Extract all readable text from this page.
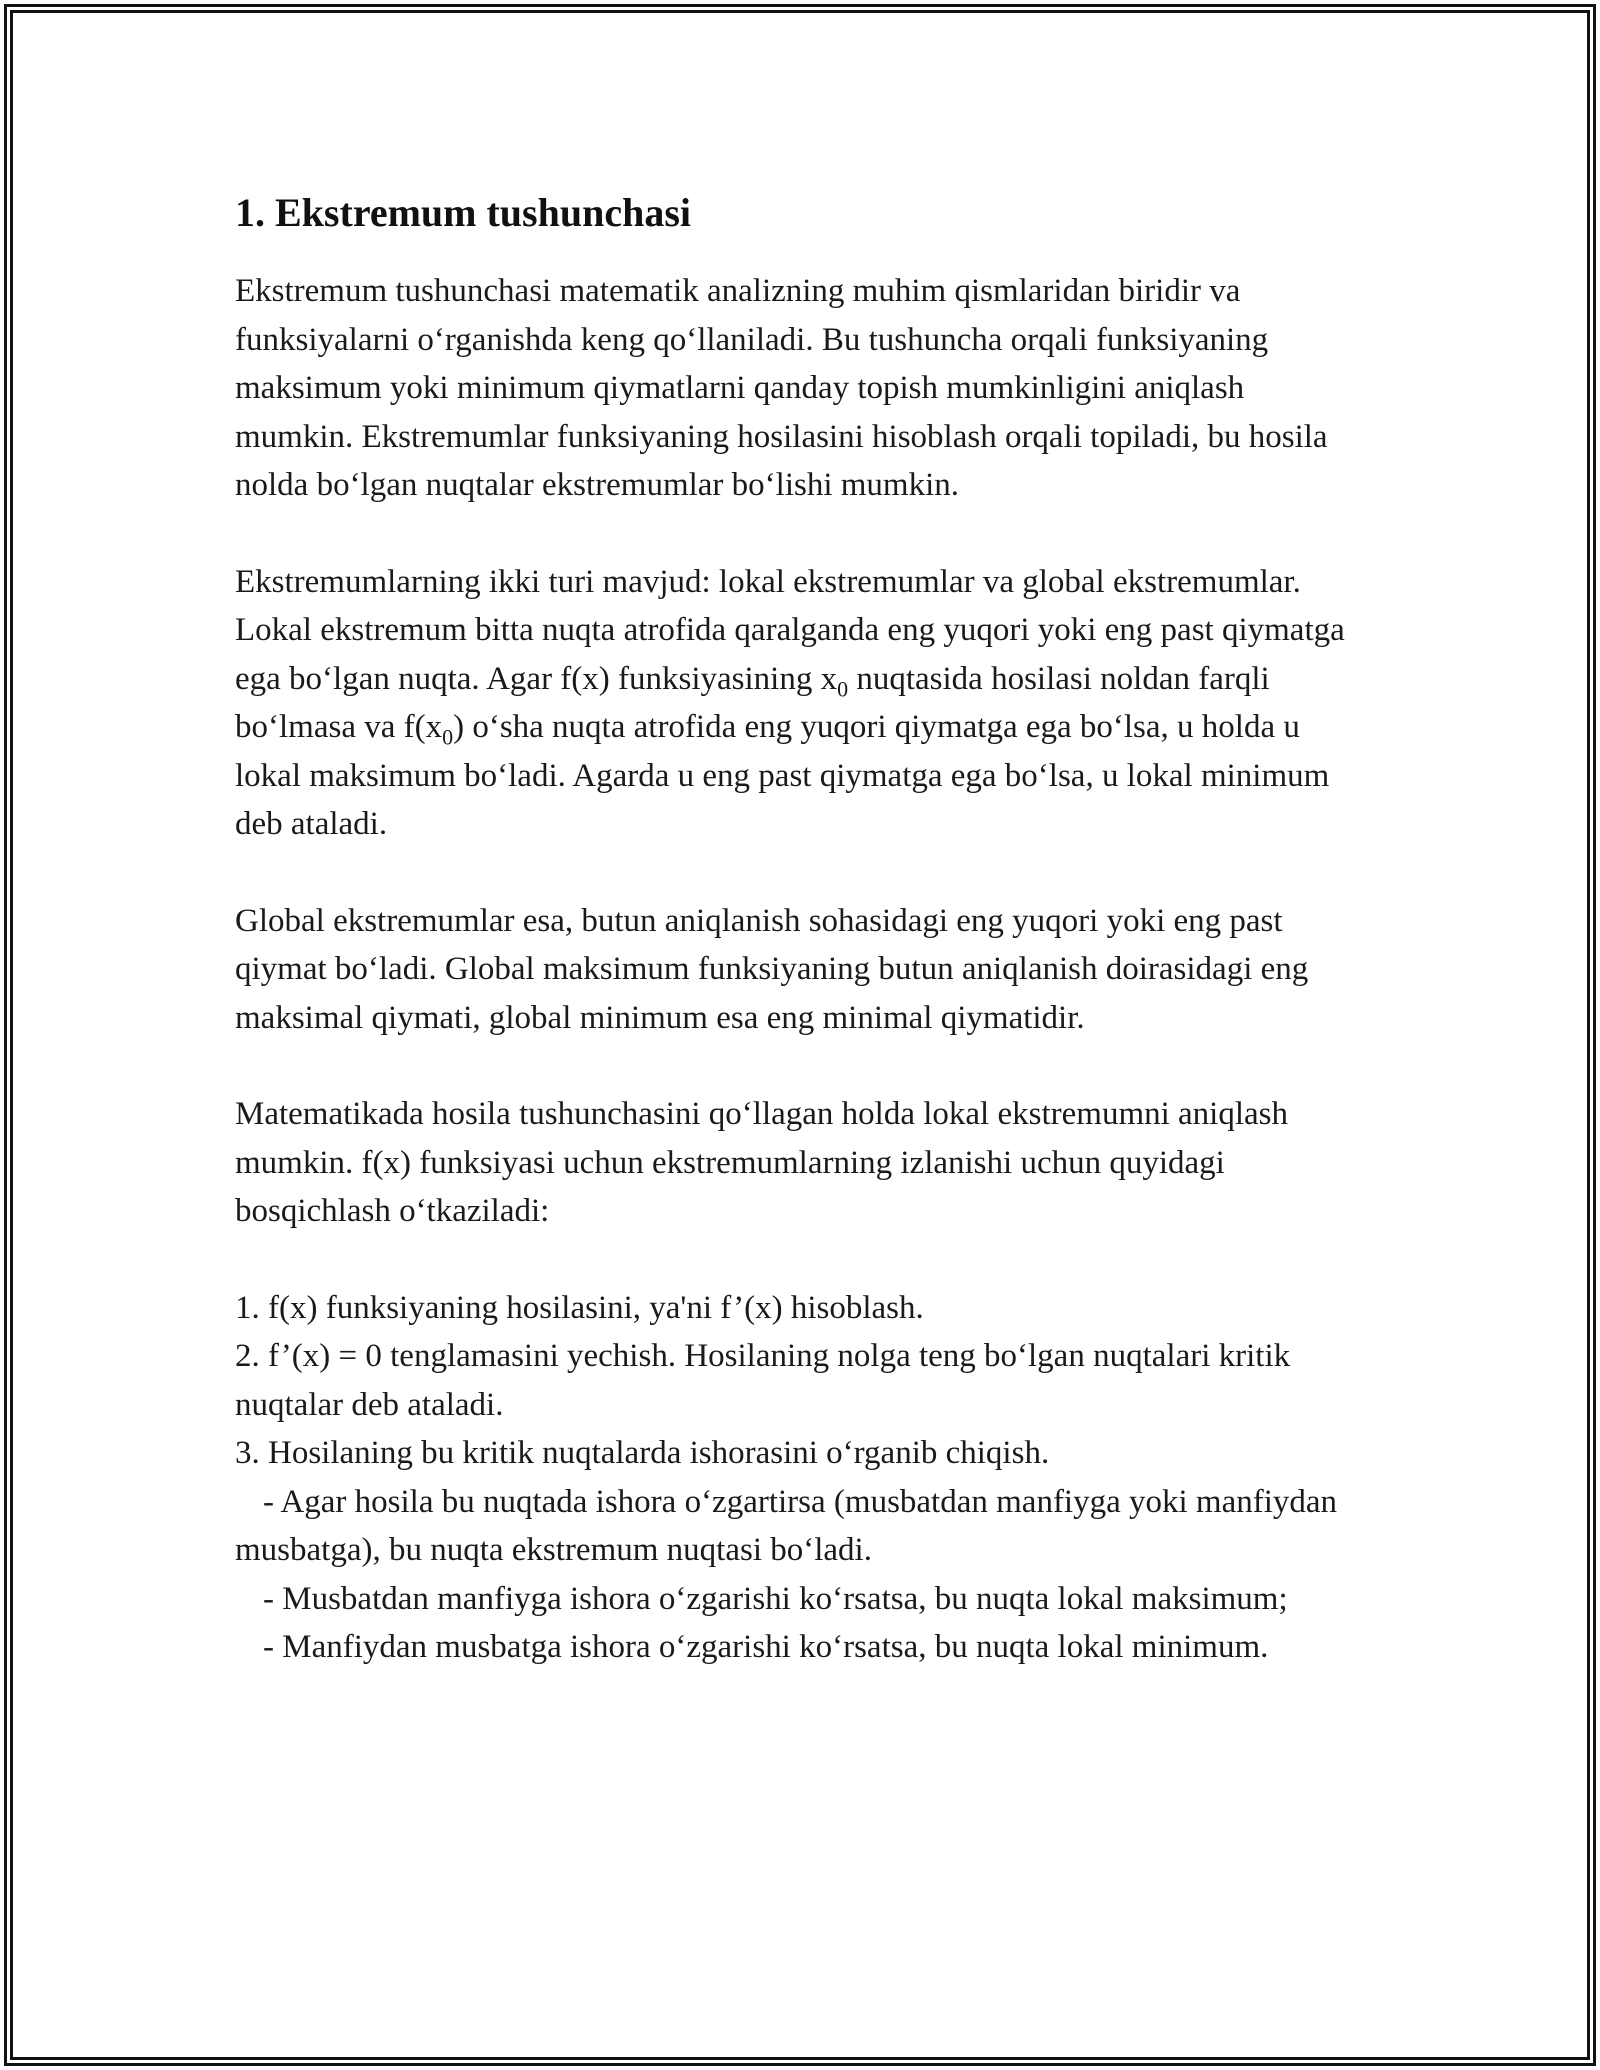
1. Ekstremum tushunchasi

Ekstremum tushunchasi matematik analizning muhim qismlaridan biridir va funksiyalarni o‘rganishda keng qo‘llaniladi. Bu tushuncha orqali funksiyaning maksimum yoki minimum qiymatlarni qanday topish mumkinligini aniqlash mumkin. Ekstremumlar funksiyaning hosilasini hisoblash orqali topiladi, bu hosila nolda bo‘lgan nuqtalar ekstremumlar bo‘lishi mumkin.

Ekstremumlarning ikki turi mavjud: lokal ekstremumlar va global ekstremumlar. Lokal ekstremum bitta nuqta atrofida qaralganda eng yuqori yoki eng past qiymatga ega bo‘lgan nuqta. Agar f(x) funksiyasining $x_0$ nuqtasida hosilasi noldan farqli bo‘lmasa va $f(x_0)$ o‘sha nuqta atrofida eng yuqori qiymatga ega bo‘lsa, u holda u lokal maksimum bo‘ladi. Agarda u eng past qiymatga ega bo‘lsa, u lokal minimum deb ataladi.

Global ekstremumlar esa, butun aniqlanish sohasidagi eng yuqori yoki eng past qiymat bo‘ladi. Global maksimum funksiyaning butun aniqlanish doirasidagi eng maksimal qiymati, global minimum esa eng minimal qiymatidir.

Matematikada hosila tushunchasini qo‘llagan holda lokal ekstremumni aniqlash mumkin. f(x) funksiyasi uchun ekstremumlarning izlanishi uchun quyidagi bosqichlash o‘tkaziladi:

1. f(x) funksiyaning hosilasini, ya'ni f’(x) hisoblash.

2. f’(x) = 0 tenglamasini yechish. Hosilaning nolga teng bo‘lgan nuqtalari kritik nuqtalar deb ataladi.

3. Hosilaning bu kritik nuqtalarda ishorasini o‘rganib chiqish.

- Agar hosila bu nuqtada ishora o‘zgartirsa (musbatdan manfiyga yoki manfiydan musbatga), bu nuqta ekstremum nuqtasi bo‘ladi.

- Musbatdan manfiyga ishora o‘zgarishi ko‘rsatsa, bu nuqta lokal maksimum;

- Manfiydan musbatga ishora o‘zgarishi ko‘rsatsa, bu nuqta lokal minimum.
